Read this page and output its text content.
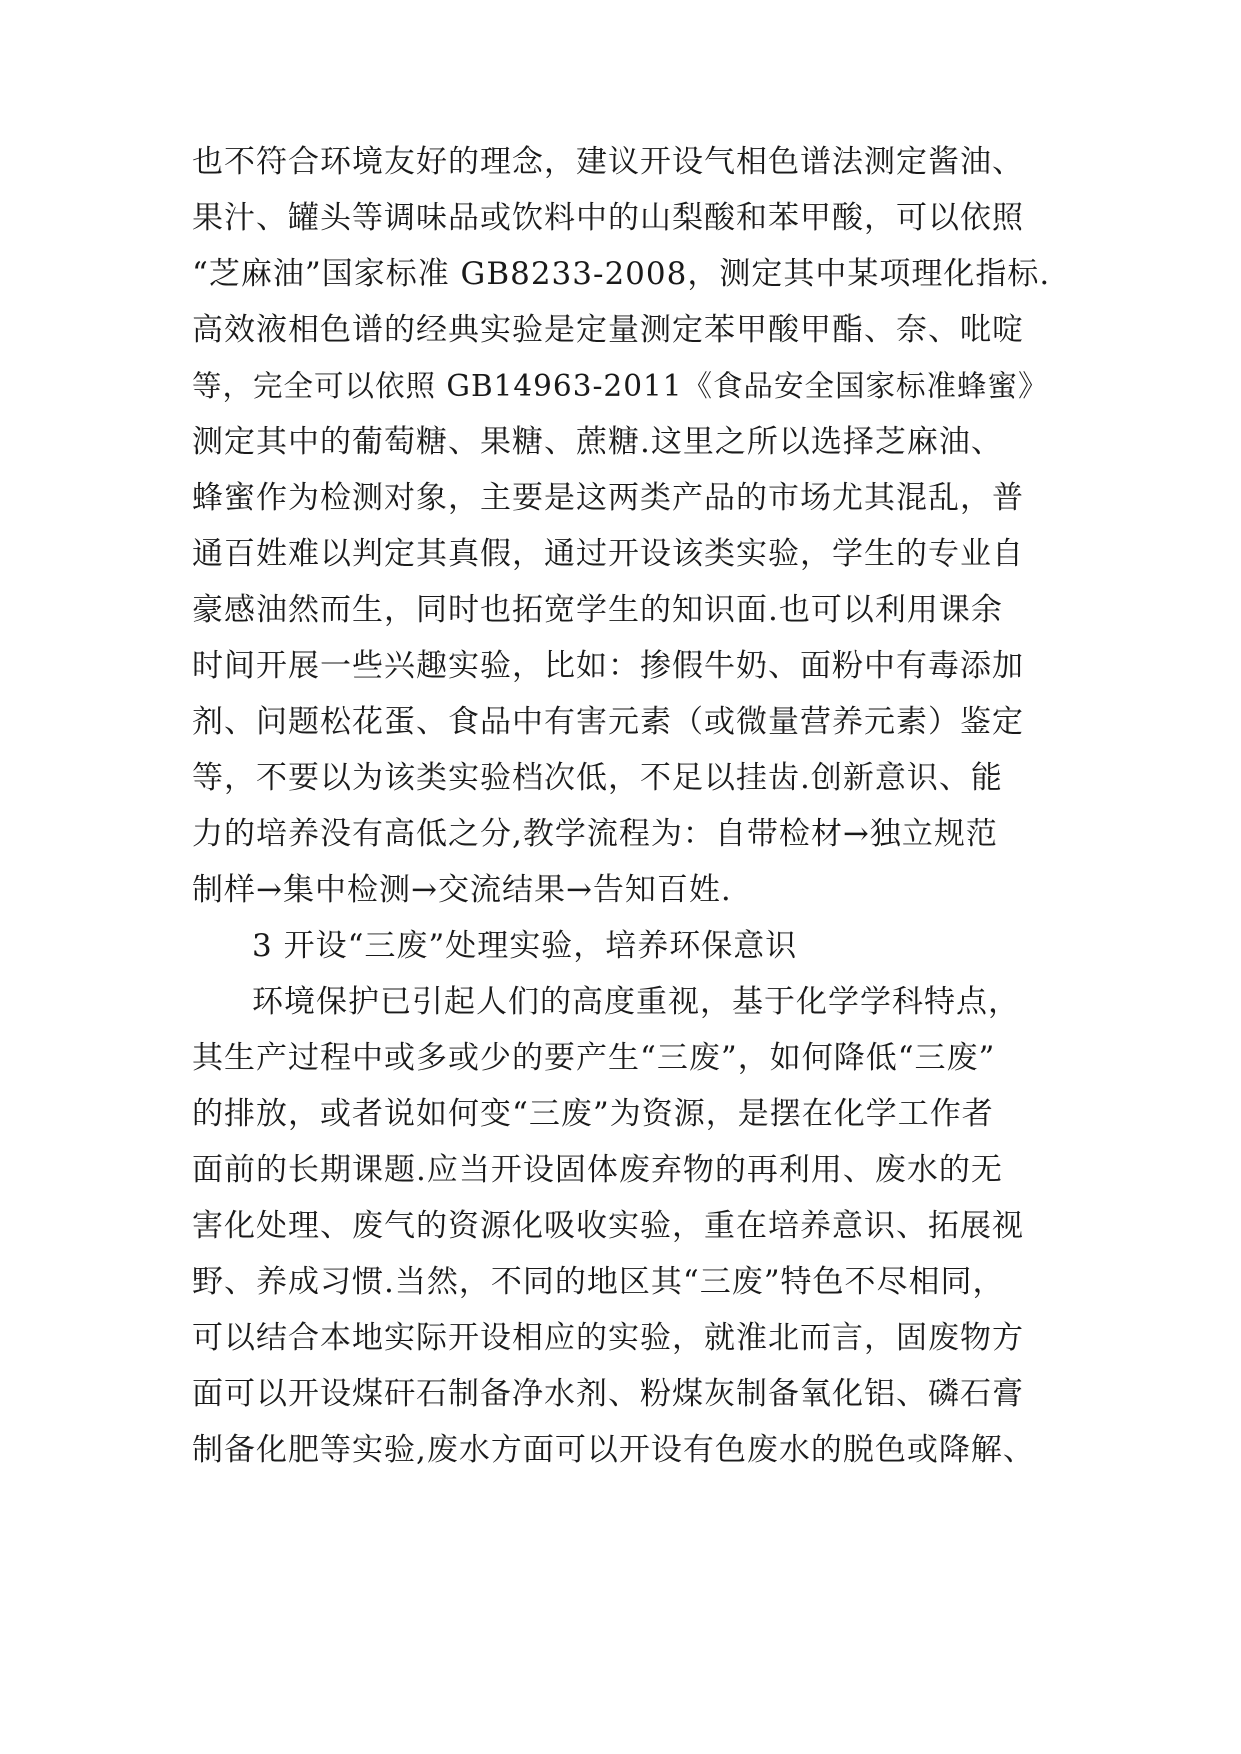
也不符合环境友好的理念，建议开设气相色谱法测定酱油、
果汁、罐头等调味品或饮料中的山梨酸和苯甲酸，可以依照
“芝麻油”国家标准 GB8233-2008，测定其中某项理化指标.
高效液相色谱的经典实验是定量测定苯甲酸甲酯、奈、吡啶
等，完全可以依照 GB14963-2011《食品安全国家标准蜂蜜》
测定其中的葡萄糖、果糖、蔗糖.这里之所以选择芝麻油、
蜂蜜作为检测对象，主要是这两类产品的市场尤其混乱，普
通百姓难以判定其真假，通过开设该类实验，学生的专业自
豪感油然而生，同时也拓宽学生的知识面.也可以利用课余
时间开展一些兴趣实验，比如：掺假牛奶、面粉中有毒添加
剂、问题松花蛋、食品中有害元素（或微量营养元素）鉴定
等，不要以为该类实验档次低，不足以挂齿.创新意识、能
力的培养没有高低之分,教学流程为：自带检材→独立规范
制样→集中检测→交流结果→告知百姓.
3 开设“三废”处理实验，培养环保意识
环境保护已引起人们的高度重视，基于化学学科特点，
其生产过程中或多或少的要产生“三废”，如何降低“三废”
的排放，或者说如何变“三废”为资源，是摆在化学工作者
面前的长期课题.应当开设固体废弃物的再利用、废水的无
害化处理、废气的资源化吸收实验，重在培养意识、拓展视
野、养成习惯.当然，不同的地区其“三废”特色不尽相同，
可以结合本地实际开设相应的实验，就淮北而言，固废物方
面可以开设煤矸石制备净水剂、粉煤灰制备氧化铝、磷石膏
制备化肥等实验,废水方面可以开设有色废水的脱色或降解、
